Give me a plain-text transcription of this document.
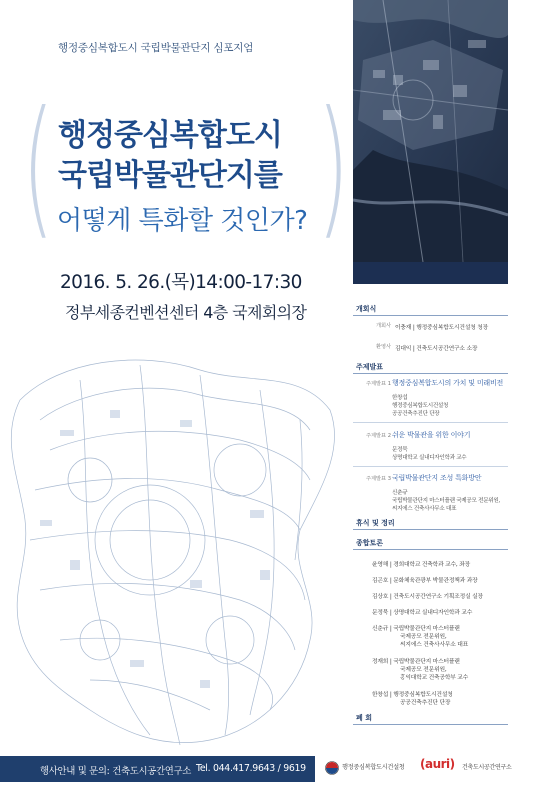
행정중심복합도시 국립박물관단지 심포지엄
( )
행정중심복합도시
국립박물관단지를
어떻게 특화할 것인가?
2016. 5. 26.(목)14:00-17:30
정부세종컨벤션센터 4층 국제회의장	개회식
개회사 이충재 | 행정중심복합도시건설청 청장
환영사 김대익 | 건축도시공간연구소 소장
주제발표
주제발표 1 행정중심복합도시의 가치 및 미래비전
한창섭
행정중심복합도시건설청
공공건축추진단 단장
주제발표 2 쉬운 박물관을 위한 이야기
문정묵
상명대학교 실내디자인학과 교수
주제발표 3 국립박물관단지 조성 특화방안
신춘규
국립박물관단지 마스터플랜 국제공모 전문위원,
씨지에스 건축사사무소 대표
휴식 및 정리
종합토론
윤영해 | 경희대학교 건축학과 교수, 좌장
김곤호 | 문화체육관광부 박물관정책과 과장
김상호 | 건축도시공간연구소 기획조정실 실장
문정묵 | 상명대학교 실내디자인학과 교수
신춘규 | 국립박물관단지 마스터플랜
국제공모 전문위원,
씨지에스 건축사사무소 대표
정재희 | 국립박물관단지 마스터플랜
국제공모 전문위원,
홍익대학교 건축공학부 교수
한창섭 | 행정중심복합도시건설청
공공건축추진단 단장
폐 회
행사안내 및 문의: 건축도시공간연구소 Tel. 044.417.9643 / 9619	행정중심복합도시건설청 (auri) 건축도시공간연구소
